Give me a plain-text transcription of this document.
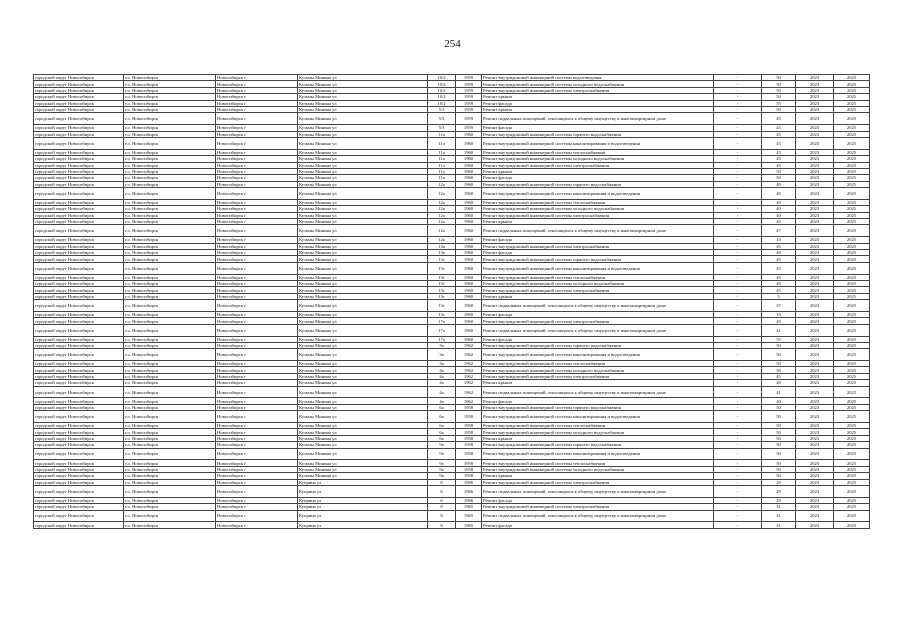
254
городской округ Новосибирск	г.о. Новосибирск	Новосибирск г	Кузьмы Минина ул	10/2	1959	Ремонт внутридомовой инженерной системы водоотведения	-	50	2023	2025
городской округ Новосибирск	г.о. Новосибирск	Новосибирск г	Кузьмы Минина ул	10/2	1959	Ремонт внутридомовой инженерной системы холодного водоснабжения	-	50	2023	2025
городской округ Новосибирск	г.о. Новосибирск	Новосибирск г	Кузьмы Минина ул	10/2	1959	Ремонт внутридомовой инженерной системы электроснабжения	-	50	2023	2025
городской округ Новосибирск	г.о. Новосибирск	Новосибирск г	Кузьмы Минина ул	10/2	1959	Ремонт крыши	-	50	2023	2025
городской округ Новосибирск	г.о. Новосибирск	Новосибирск г	Кузьмы Минина ул	10/2	1959	Ремонт фасада	-	55	2023	2025
городской округ Новосибирск	г.о. Новосибирск	Новосибирск г	Кузьмы Минина ул	5/3	1959	Ремонт крыши	-	50	2023	2025
городской округ Новосибирск	г.о. Новосибирск	Новосибирск г	Кузьмы Минина ул	5/3	1959	Ремонт подвальных помещений, относящихся к общему имуществу в многоквартирном доме	-	45	2023	2025
городской округ Новосибирск	г.о. Новосибирск	Новосибирск г	Кузьмы Минина ул	5/3	1959	Ремонт фасада	-	45	2023	2025
городской округ Новосибирск	г.о. Новосибирск	Новосибирск г	Кузьмы Минина ул	11а	1960	Ремонт внутридомовой инженерной системы горячего водоснабжения	-	45	2023	2025
городской округ Новосибирск	г.о. Новосибирск	Новосибирск г	Кузьмы Минина ул	11а	1960	Ремонт внутридомовой инженерной системы канализирования и водоотведения	-	45	2023	2025
городской округ Новосибирск	г.о. Новосибирск	Новосибирск г	Кузьмы Минина ул	11а	1960	Ремонт внутридомовой инженерной системы теплоснабжения	-	45	2023	2025
городской округ Новосибирск	г.о. Новосибирск	Новосибирск г	Кузьмы Минина ул	11а	1960	Ремонт внутридомовой инженерной системы холодного водоснабжения	-	45	2023	2025
городской округ Новосибирск	г.о. Новосибирск	Новосибирск г	Кузьмы Минина ул	11а	1960	Ремонт внутридомовой инженерной системы электроснабжения	-	45	2023	2025
городской округ Новосибирск	г.о. Новосибирск	Новосибирск г	Кузьмы Минина ул	11а	1960	Ремонт крыши	-	50	2023	2025
городской округ Новосибирск	г.о. Новосибирск	Новосибирск г	Кузьмы Минина ул	11а	1960	Ремонт фасада	-	50	2023	2025
городской округ Новосибирск	г.о. Новосибирск	Новосибирск г	Кузьмы Минина ул	12а	1960	Ремонт внутридомовой инженерной системы горячего водоснабжения	-	40	2023	2025
городской округ Новосибирск	г.о. Новосибирск	Новосибирск г	Кузьмы Минина ул	12а	1960	Ремонт внутридомовой инженерной системы канализирования и водоотведения	-	40	2023	2025
городской округ Новосибирск	г.о. Новосибирск	Новосибирск г	Кузьмы Минина ул	12а	1960	Ремонт внутридомовой инженерной системы теплоснабжения	-	40	2023	2025
городской округ Новосибирск	г.о. Новосибирск	Новосибирск г	Кузьмы Минина ул	12а	1960	Ремонт внутридомовой инженерной системы холодного водоснабжения	-	40	2023	2025
городской округ Новосибирск	г.о. Новосибирск	Новосибирск г	Кузьмы Минина ул	12а	1960	Ремонт внутридомовой инженерной системы электроснабжения	-	40	2023	2025
городской округ Новосибирск	г.о. Новосибирск	Новосибирск г	Кузьмы Минина ул	12а	1960	Ремонт крыши	-	45	2023	2025
городской округ Новосибирск	г.о. Новосибирск	Новосибирск г	Кузьмы Минина ул	12а	1960	Ремонт подвальных помещений, относящихся к общему имуществу в многоквартирном доме	-	47	2023	2025
городской округ Новосибирск	г.о. Новосибирск	Новосибирск г	Кузьмы Минина ул	12а	1960	Ремонт фасада	-	15	2023	2025
городской округ Новосибирск	г.о. Новосибирск	Новосибирск г	Кузьмы Минина ул	13а	1960	Ремонт внутридомовой инженерной системы электроснабжения	-	45	2023	2025
городской округ Новосибирск	г.о. Новосибирск	Новосибирск г	Кузьмы Минина ул	13а	1960	Ремонт фасада	-	40	2023	2025
городской округ Новосибирск	г.о. Новосибирск	Новосибирск г	Кузьмы Минина ул	13г	1960	Ремонт внутридомовой инженерной системы горячего водоснабжения	-	45	2023	2025
городской округ Новосибирск	г.о. Новосибирск	Новосибирск г	Кузьмы Минина ул	13г	1960	Ремонт внутридомовой инженерной системы канализирования и водоотведения	-	45	2023	2025
городской округ Новосибирск	г.о. Новосибирск	Новосибирск г	Кузьмы Минина ул	13г	1960	Ремонт внутридомовой инженерной системы теплоснабжения	-	45	2023	2025
городской округ Новосибирск	г.о. Новосибирск	Новосибирск г	Кузьмы Минина ул	13г	1960	Ремонт внутридомовой инженерной системы холодного водоснабжения	-	45	2023	2025
городской округ Новосибирск	г.о. Новосибирск	Новосибирск г	Кузьмы Минина ул	13г	1960	Ремонт внутридомовой инженерной системы электроснабжения	-	45	2023	2025
городской округ Новосибирск	г.о. Новосибирск	Новосибирск г	Кузьмы Минина ул	13г	1960	Ремонт крыши	-	5	2023	2025
городской округ Новосибирск	г.о. Новосибирск	Новосибирск г	Кузьмы Минина ул	13г	1960	Ремонт подвальных помещений, относящихся к общему имуществу в многоквартирном доме	-	37	2023	2025
городской округ Новосибирск	г.о. Новосибирск	Новосибирск г	Кузьмы Минина ул	13г	1960	Ремонт фасада	-	15	2023	2025
городской округ Новосибирск	г.о. Новосибирск	Новосибирск г	Кузьмы Минина ул	17а	1960	Ремонт внутридомовой инженерной системы электроснабжения	-	45	2023	2025
городской округ Новосибирск	г.о. Новосибирск	Новосибирск г	Кузьмы Минина ул	17а	1960	Ремонт подвальных помещений, относящихся к общему имуществу в многоквартирном доме	-	41	2023	2025
городской округ Новосибирск	г.о. Новосибирск	Новосибирск г	Кузьмы Минина ул	17а	1960	Ремонт фасада	-	55	2023	2025
городской округ Новосибирск	г.о. Новосибирск	Новосибирск г	Кузьмы Минина ул	3а	1962	Ремонт внутридомовой инженерной системы горячего водоснабжения	-	50	2023	2025
городской округ Новосибирск	г.о. Новосибирск	Новосибирск г	Кузьмы Минина ул	3а	1962	Ремонт внутридомовой инженерной системы канализирования и водоотведения	-	50	2023	2025
городской округ Новосибирск	г.о. Новосибирск	Новосибирск г	Кузьмы Минина ул	3а	1962	Ремонт внутридомовой инженерной системы теплоснабжения	-	50	2023	2025
городской округ Новосибирск	г.о. Новосибирск	Новосибирск г	Кузьмы Минина ул	4а	1962	Ремонт внутридомовой инженерной системы холодного водоснабжения	-	50	2023	2025
городской округ Новосибирск	г.о. Новосибирск	Новосибирск г	Кузьмы Минина ул	4а	1962	Ремонт внутридомовой инженерной системы электроснабжения	-	45	2023	2025
городской округ Новосибирск	г.о. Новосибирск	Новосибирск г	Кузьмы Минина ул	4а	1962	Ремонт крыши	-	40	2023	2025
городской округ Новосибирск	г.о. Новосибирск	Новосибирск г	Кузьмы Минина ул	4а	1962	Ремонт подвальных помещений, относящихся к общему имуществу в многоквартирном доме	-	41	2023	2025
городской округ Новосибирск	г.о. Новосибирск	Новосибирск г	Кузьмы Минина ул	4а	1962	Ремонт фасада	-	40	2023	2025
городской округ Новосибирск	г.о. Новосибирск	Новосибирск г	Кузьмы Минина ул	6а	1958	Ремонт внутридомовой инженерной системы горячего водоснабжения	-	50	2023	2025
городской округ Новосибирск	г.о. Новосибирск	Новосибирск г	Кузьмы Минина ул	6а	1958	Ремонт внутридомовой инженерной системы канализирования и водоотведения	-	50	2023	2025
городской округ Новосибирск	г.о. Новосибирск	Новосибирск г	Кузьмы Минина ул	6а	1958	Ремонт внутридомовой инженерной системы теплоснабжения	-	50	2023	2025
городской округ Новосибирск	г.о. Новосибирск	Новосибирск г	Кузьмы Минина ул	6а	1958	Ремонт внутридомовой инженерной системы холодного водоснабжения	-	50	2023	2025
городской округ Новосибирск	г.о. Новосибирск	Новосибирск г	Кузьмы Минина ул	6а	1958	Ремонт крыши	-	50	2023	2025
городской округ Новосибирск	г.о. Новосибирск	Новосибирск г	Кузьмы Минина ул	9а	1958	Ремонт внутридомовой инженерной системы горячего водоснабжения	-	50	2023	2025
городской округ Новосибирск	г.о. Новосибирск	Новосибирск г	Кузьмы Минина ул	9а	1958	Ремонт внутридомовой инженерной системы канализирования и водоотведения	-	50	2023	2025
городской округ Новосибирск	г.о. Новосибирск	Новосибирск г	Кузьмы Минина ул	9а	1958	Ремонт внутридомовой инженерной системы теплоснабжения	-	50	2023	2025
городской округ Новосибирск	г.о. Новосибирск	Новосибирск г	Кузьмы Минина ул	9а	1958	Ремонт внутридомовой инженерной системы холодного водоснабжения	-	50	2023	2025
городской округ Новосибирск	г.о. Новосибирск	Новосибирск г	Кузьмы Минина ул	9а	1958	Ремонт крыши	-	50	2023	2025
городской округ Новосибирск	г.о. Новосибирск	Новосибирск г	Куприна ул	6	1966	Ремонт внутридомовой инженерной системы электроснабжения	-	29	2023	2025
городской округ Новосибирск	г.о. Новосибирск	Новосибирск г	Куприна ул	6	1966	Ремонт подвальных помещений, относящихся к общему имуществу в многоквартирном доме	-	29	2023	2025
городской округ Новосибирск	г.о. Новосибирск	Новосибирск г	Куприна ул	6	1966	Ремонт фасада	-	29	2023	2025
городской округ Новосибирск	г.о. Новосибирск	Новосибирск г	Куприна ул	8	1965	Ремонт внутридомовой инженерной системы электроснабжения	-	31	2023	2025
городской округ Новосибирск	г.о. Новосибирск	Новосибирск г	Куприна ул	8	1965	Ремонт подвальных помещений, относящихся к общему имуществу в многоквартирном доме	-	31	2023	2025
городской округ Новосибирск	г.о. Новосибирск	Новосибирск г	Куприна ул	8	1965	Ремонт фасада	-	31	2023	2025
